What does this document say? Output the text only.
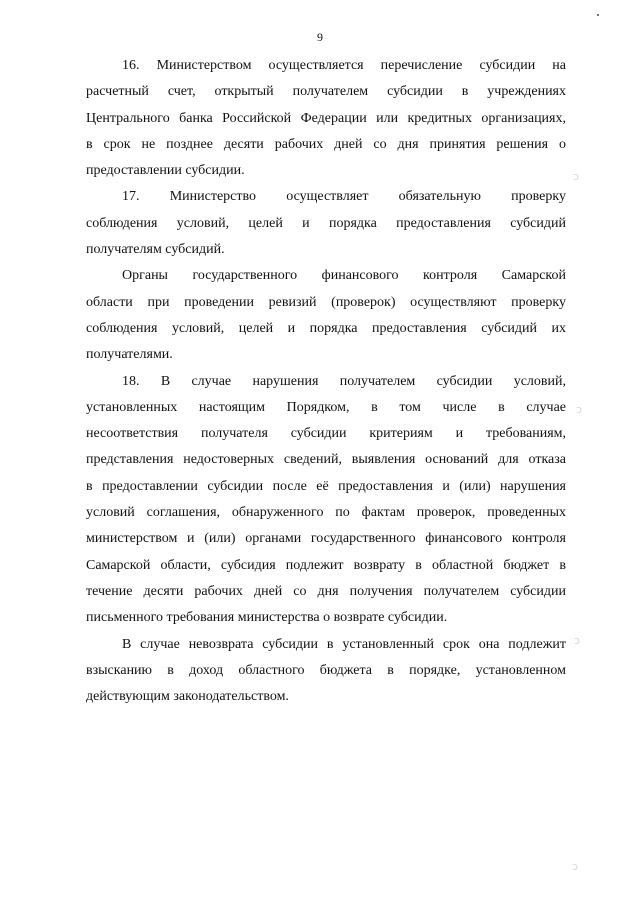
9
16. Министерством осуществляется перечисление субсидии на
расчетный счет, открытый получателем субсидии в учреждениях
Центрального банка Российской Федерации или кредитных организациях,
в срок не позднее десяти рабочих дней со дня принятия решения о
предоставлении субсидии.
17. Министерство осуществляет обязательную проверку
соблюдения условий, целей и порядка предоставления субсидий
получателям субсидий.
Органы государственного финансового контроля Самарской
области при проведении ревизий (проверок) осуществляют проверку
соблюдения условий, целей и порядка предоставления субсидий их
получателями.
18. В случае нарушения получателем субсидии условий,
установленных настоящим Порядком, в том числе в случае
несоответствия получателя субсидии критериям и требованиям,
представления недостоверных сведений, выявления оснований для отказа
в предоставлении субсидии после её предоставления и (или) нарушения
условий соглашения, обнаруженного по фактам проверок, проведенных
министерством и (или) органами государственного финансового контроля
Самарской области, субсидия подлежит возврату в областной бюджет в
течение десяти рабочих дней со дня получения получателем субсидии
письменного требования министерства о возврате субсидии.
В случае невозврата субсидии в установленный срок она подлежит
взысканию в доход областного бюджета в порядке, установленном
действующим законодательством.
ↄ
ↄ
ↄ
ↄ
